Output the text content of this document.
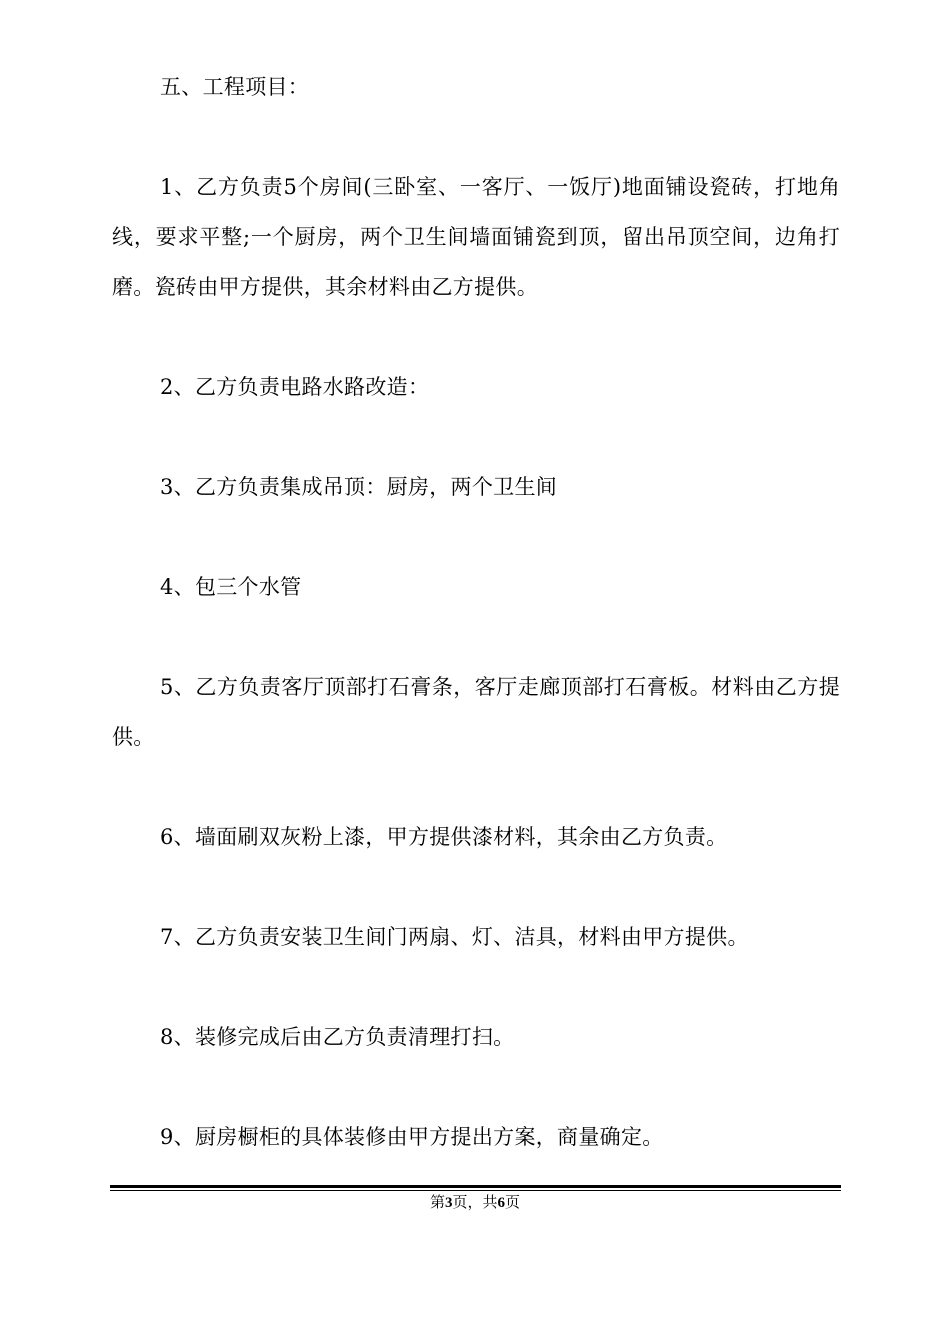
五、工程项目：

1、乙方负责5个房间(三卧室、一客厅、一饭厅)地面铺设瓷砖，打地角线，要求平整;一个厨房，两个卫生间墙面铺瓷到顶，留出吊顶空间，边角打磨。瓷砖由甲方提供，其余材料由乙方提供。

2、乙方负责电路水路改造：

3、乙方负责集成吊顶：厨房，两个卫生间

4、包三个水管

5、乙方负责客厅顶部打石膏条，客厅走廊顶部打石膏板。材料由乙方提供。

6、墙面刷双灰粉上漆，甲方提供漆材料，其余由乙方负责。

7、乙方负责安装卫生间门两扇、灯、洁具，材料由甲方提供。

8、装修完成后由乙方负责清理打扫。

9、厨房橱柜的具体装修由甲方提出方案，商量确定。

第3页，共6页
